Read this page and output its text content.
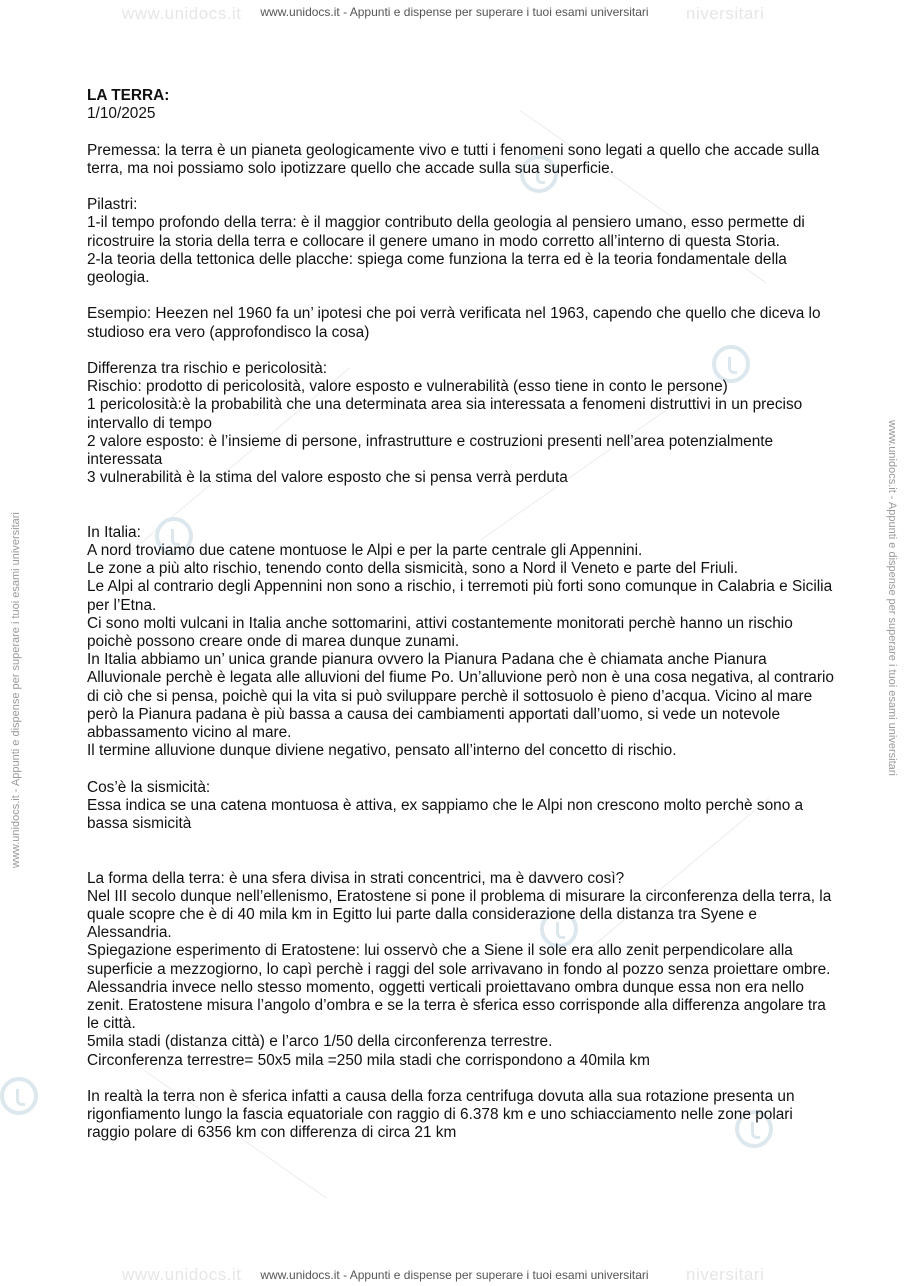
www.unidocs.it	niversitari
www.unidocs.it	niversitari
www.unidocs.it - Appunti e dispense per superare i tuoi esami universitari
www.unidocs.it - Appunti e dispense per superare i tuoi esami universitari
www.unidocs.it - Appunti e dispense per superare i tuoi esami universitari	www.unidocs.it - Appunti e dispense per superare i tuoi esami universitari

LA TERRA:

1/10/2025

Premessa: la terra è un pianeta geologicamente vivo e tutti i fenomeni sono legati a quello che accade sulla terra, ma noi possiamo solo ipotizzare quello che accade sulla sua superficie.

Pilastri:
1-il tempo profondo della terra: è il maggior contributo della geologia al pensiero umano, esso permette di ricostruire la storia della terra e collocare il genere umano in modo corretto all’interno di questa Storia.
2-la teoria della tettonica delle placche: spiega come funziona la terra ed è la teoria fondamentale della geologia.

Esempio: Heezen nel 1960 fa un’ ipotesi che poi verrà verificata nel 1963, capendo che quello che diceva lo studioso era vero (approfondisco la cosa)

Differenza tra rischio e pericolosità:
Rischio: prodotto di pericolosità, valore esposto e vulnerabilità (esso tiene in conto le persone)
1 pericolosità:è la probabilità che una determinata area sia interessata a fenomeni distruttivi in un preciso intervallo di tempo
2 valore esposto: è l’insieme di persone, infrastrutture e costruzioni presenti nell’area potenzialmente interessata
3 vulnerabilità è la stima del valore esposto che si pensa verrà perduta

In Italia:
A nord troviamo due catene montuose le Alpi e per la parte centrale gli Appennini.
Le zone a più alto rischio, tenendo conto della sismicità, sono a Nord il Veneto e parte del Friuli.
Le Alpi al contrario degli Appennini non sono a rischio, i terremoti più forti sono comunque in Calabria e Sicilia per l’Etna.
Ci sono molti vulcani in Italia anche sottomarini, attivi costantemente monitorati perchè hanno un rischio poichè possono creare onde di marea dunque zunami.
In Italia abbiamo un’ unica grande pianura ovvero la Pianura Padana che è chiamata anche Pianura Alluvionale perchè è legata alle alluvioni del fiume Po. Un’alluvione però non è una cosa negativa, al contrario di ciò che si pensa, poichè qui la vita si può sviluppare perchè il sottosuolo è pieno d’acqua. Vicino al mare però la Pianura padana è più bassa a causa dei cambiamenti apportati dall’uomo, si vede un notevole abbassamento vicino al mare.
Il termine alluvione dunque diviene negativo, pensato all’interno del concetto di rischio.

Cos’è la sismicità:
Essa indica se una catena montuosa è attiva, ex sappiamo che le Alpi non crescono molto perchè sono a bassa sismicità

La forma della terra: è una sfera divisa in strati concentrici, ma è davvero così?
Nel III secolo dunque nell’ellenismo, Eratostene si pone il problema di misurare la circonferenza della terra, la quale scopre che è di 40 mila km in Egitto lui parte dalla considerazione della distanza tra Syene e Alessandria.
Spiegazione esperimento di Eratostene: lui osservò che a Siene il sole era allo zenit perpendicolare alla superficie a mezzogiorno, lo capì perchè i raggi del sole arrivavano in fondo al pozzo senza proiettare ombre.
Alessandria invece nello stesso momento, oggetti verticali proiettavano ombra dunque essa non era nello zenit. Eratostene misura l’angolo d’ombra e se la terra è sferica esso corrisponde alla differenza angolare tra le città.
5mila stadi (distanza città) e l’arco 1/50 della circonferenza terrestre.
Circonferenza terrestre= 50x5 mila =250 mila stadi che corrispondono a 40mila km

In realtà la terra non è sferica infatti a causa della forza centrifuga dovuta alla sua rotazione presenta un rigonfiamento lungo la fascia equatoriale con raggio di 6.378 km e uno schiacciamento nelle zone polari raggio polare di 6356 km con differenza di circa 21 km
